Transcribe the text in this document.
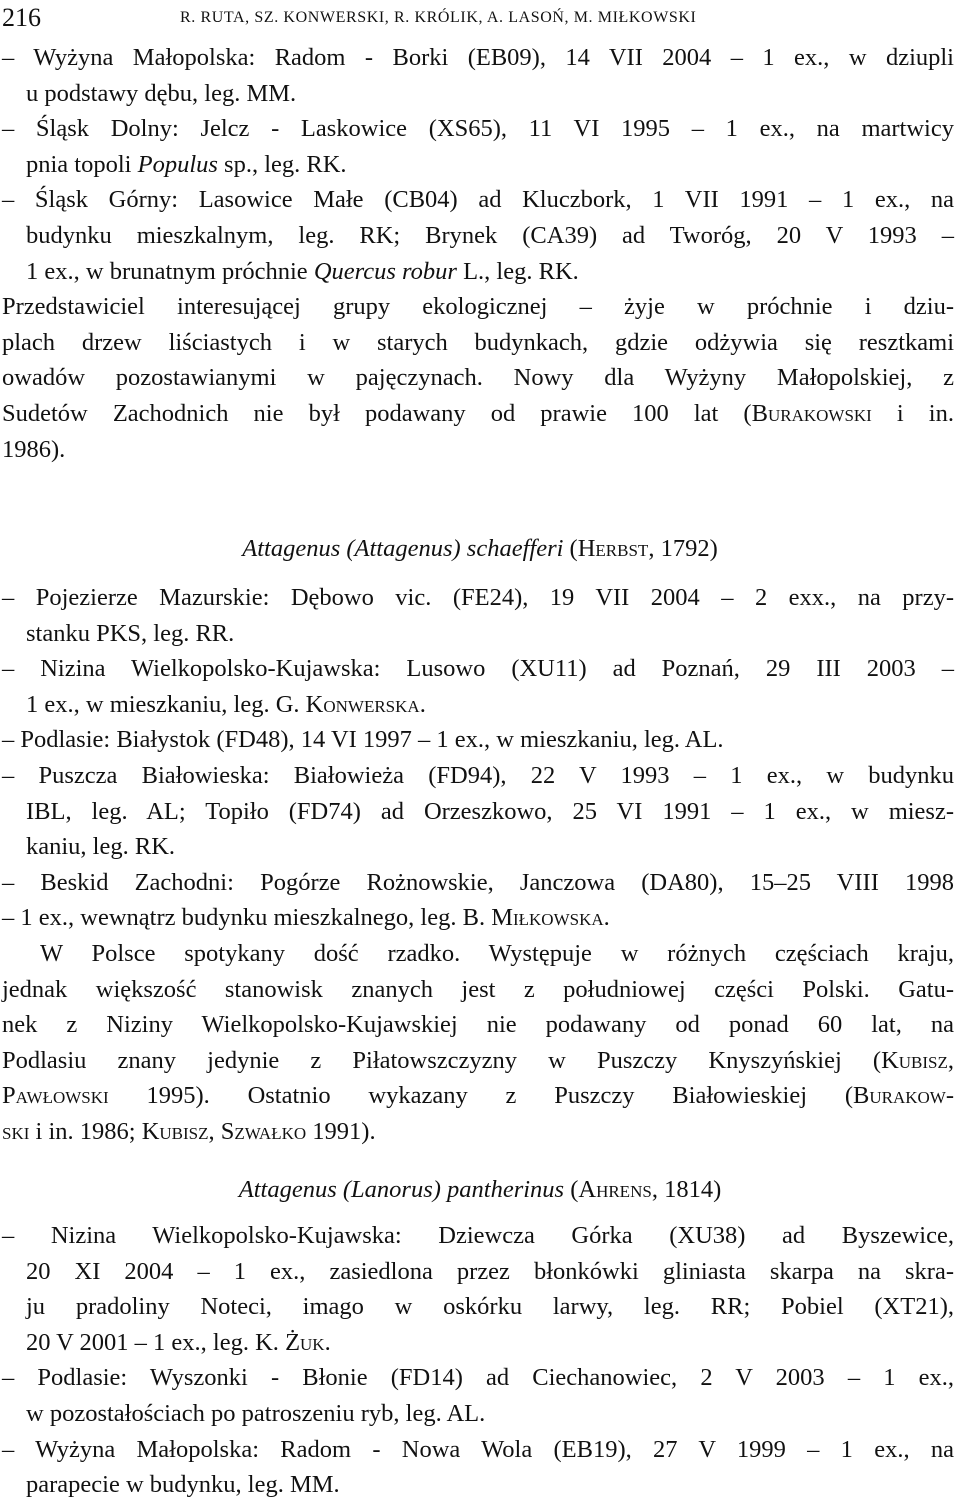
216	R. RUTA, SZ. KONWERSKI, R. KRÓLIK, A. LASOŃ, M. MIŁKOWSKI
– Wyżyna Małopolska: Radom - Borki (EB09), 14 VII 2004 – 1 ex., w dziupli
u podstawy dębu, leg. MM.
– Śląsk Dolny: Jelcz - Laskowice (XS65), 11 VI 1995 – 1 ex., na martwicy
pnia topoli Populus sp., leg. RK.
– Śląsk Górny: Lasowice Małe (CB04) ad Kluczbork, 1 VII 1991 – 1 ex., na
budynku mieszkalnym, leg. RK; Brynek (CA39) ad Tworóg, 20 V 1993 –
1 ex., w brunatnym próchnie Quercus robur L., leg. RK.
Przedstawiciel interesującej grupy ekologicznej – żyje w próchnie i dziu-
plach drzew liściastych i w starych budynkach, gdzie odżywia się resztkami
owadów pozostawianymi w pajęczynach. Nowy dla Wyżyny Małopolskiej, z
Sudetów Zachodnich nie był podawany od prawie 100 lat (Burakowski i in.
1986).
Attagenus (Attagenus) schaefferi (Herbst, 1792)
– Pojezierze Mazurskie: Dębowo vic. (FE24), 19 VII 2004 – 2 exx., na przy-
stanku PKS, leg. RR.
– Nizina Wielkopolsko-Kujawska: Lusowo (XU11) ad Poznań, 29 III 2003 –
1 ex., w mieszkaniu, leg. G. Konwerska.
– Podlasie: Białystok (FD48), 14 VI 1997 – 1 ex., w mieszkaniu, leg. AL.
– Puszcza Białowieska: Białowieża (FD94), 22 V 1993 – 1 ex., w budynku
IBL, leg. AL; Topiło (FD74) ad Orzeszkowo, 25 VI 1991 – 1 ex., w miesz-
kaniu, leg. RK.
– Beskid Zachodni: Pogórze Rożnowskie, Janczowa (DA80), 15–25 VIII 1998
– 1 ex., wewnątrz budynku mieszkalnego, leg. B. Miłkowska.
W Polsce spotykany dość rzadko. Występuje w różnych częściach kraju,
jednak większość stanowisk znanych jest z południowej części Polski. Gatu-
nek z Niziny Wielkopolsko-Kujawskiej nie podawany od ponad 60 lat, na
Podlasiu znany jedynie z Piłatowszczyzny w Puszczy Knyszyńskiej (Kubisz,
Pawłowski 1995). Ostatnio wykazany z Puszczy Białowieskiej (Burakow-
ski i in. 1986; Kubisz, Szwałko 1991).
Attagenus (Lanorus) pantherinus (Ahrens, 1814)
– Nizina Wielkopolsko-Kujawska: Dziewcza Górka (XU38) ad Byszewice,
20 XI 2004 – 1 ex., zasiedlona przez błonkówki gliniasta skarpa na skra-
ju pradoliny Noteci, imago w oskórku larwy, leg. RR; Pobiel (XT21),
20 V 2001 – 1 ex., leg. K. Żuk.
– Podlasie: Wyszonki - Błonie (FD14) ad Ciechanowiec, 2 V 2003 – 1 ex.,
w pozostałościach po patroszeniu ryb, leg. AL.
– Wyżyna Małopolska: Radom - Nowa Wola (EB19), 27 V 1999 – 1 ex., na
parapecie w budynku, leg. MM.
